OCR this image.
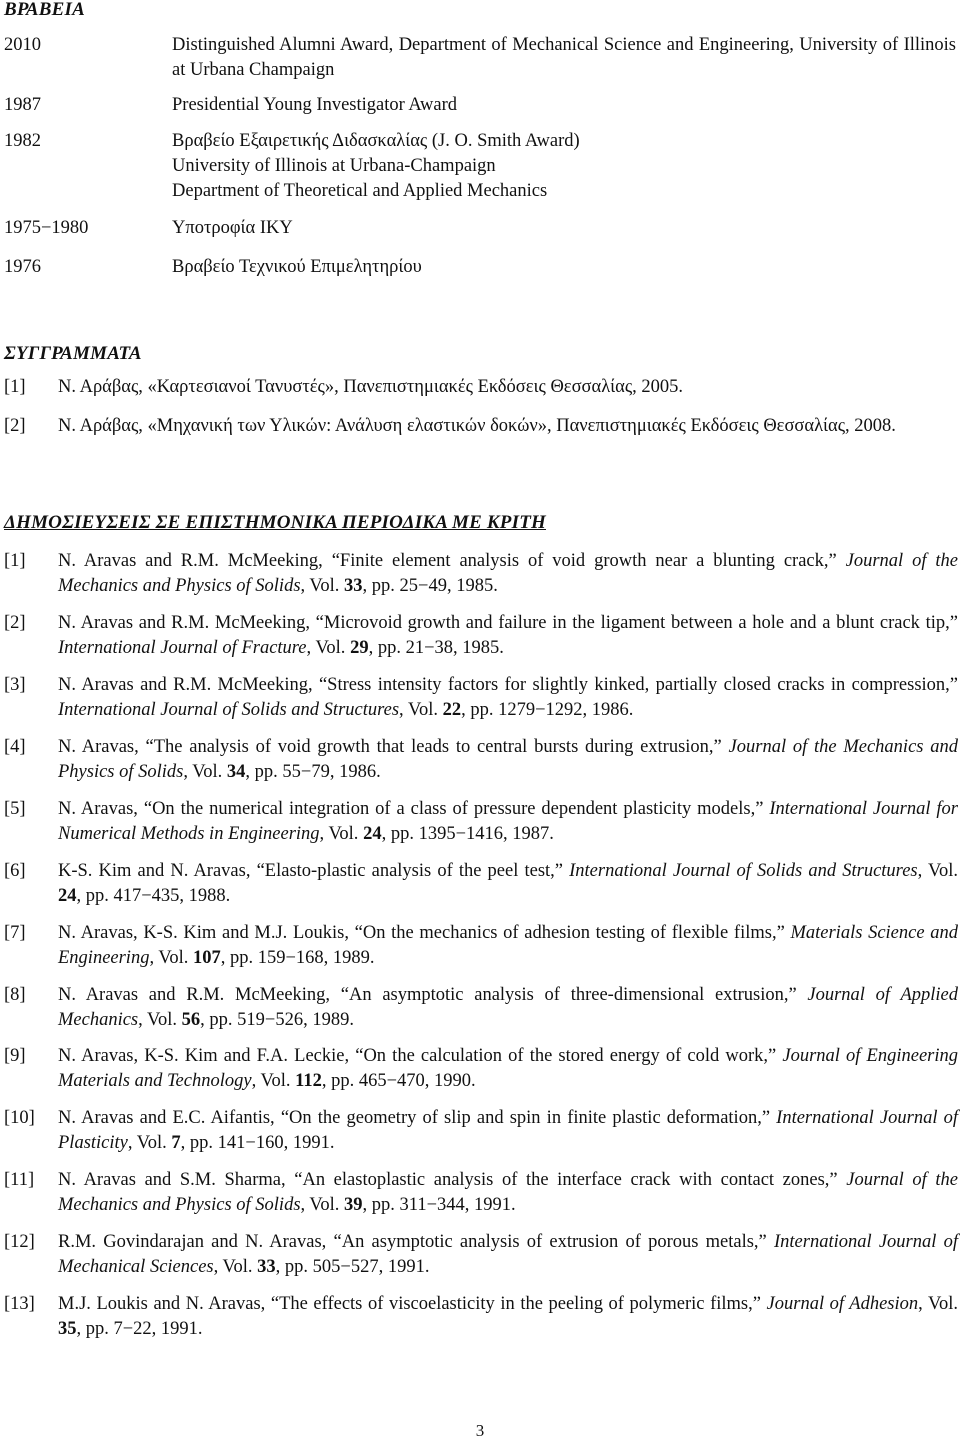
ΒΡΑΒΕΙΑ
2010	Distinguished Alumni Award, Department of Mechanical Science and Engineering, University of Illinois at Urbana Champaign
1987	Presidential Young Investigator Award
1982	Βραβείο Εξαιρετικής Διδασκαλίας (J. O. Smith Award)
University of Illinois at Urbana-Champaign
Department of Theoretical and Applied Mechanics
1975−1980	Υποτροφία ΙΚΥ
1976	Βραβείο Τεχνικού Επιμελητηρίου
ΣΥΓΓΡΑΜΜΑΤΑ
[1]	Ν. Αράβας, «Καρτεσιανοί Τανυστές», Πανεπιστημιακές Εκδόσεις Θεσσαλίας, 2005.
[2]	Ν. Αράβας, «Μηχανική των Υλικών: Ανάλυση ελαστικών δοκών», Πανεπιστημιακές Εκδόσεις Θεσσαλίας, 2008.
ΔΗΜΟΣΙΕΥΣΕΙΣ ΣΕ ΕΠΙΣΤΗΜΟΝΙΚΑ ΠΕΡΙΟΔΙΚΑ ΜΕ ΚΡΙΤΗ
[1]	N. Aravas and R.M. McMeeking, “Finite element analysis of void growth near a blunting crack,” Journal of the Mechanics and Physics of Solids, Vol. 33, pp. 25−49, 1985.
[2]	N. Aravas and R.M. McMeeking, “Microvoid growth and failure in the ligament between a hole and a blunt crack tip,” International Journal of Fracture, Vol. 29, pp. 21−38, 1985.
[3]	N. Aravas and R.M. McMeeking, “Stress intensity factors for slightly kinked, partially closed cracks in compression,” International Journal of Solids and Structures, Vol. 22, pp. 1279−1292, 1986.
[4]	N. Aravas, “The analysis of void growth that leads to central bursts during extrusion,” Journal of the Mechanics and Physics of Solids, Vol. 34, pp. 55−79, 1986.
[5]	N. Aravas, “On the numerical integration of a class of pressure dependent plasticity models,” International Journal for Numerical Methods in Engineering, Vol. 24, pp. 1395−1416, 1987.
[6]	K-S. Kim and N. Aravas, “Elasto-plastic analysis of the peel test,” International Journal of Solids and Structures, Vol. 24, pp. 417−435, 1988.
[7]	N. Aravas, K-S. Kim and M.J. Loukis, “On the mechanics of adhesion testing of flexible films,” Materials Science and Engineering, Vol. 107, pp. 159−168, 1989.
[8]	N. Aravas and R.M. McMeeking, “An asymptotic analysis of three-dimensional extrusion,” Journal of Applied Mechanics, Vol. 56, pp. 519−526, 1989.
[9]	N. Aravas, K-S. Kim and F.A. Leckie, “On the calculation of the stored energy of cold work,” Journal of Engineering Materials and Technology, Vol. 112, pp. 465−470, 1990.
[10]	N. Aravas and E.C. Aifantis, “On the geometry of slip and spin in finite plastic deformation,” International Journal of Plasticity, Vol. 7, pp. 141−160, 1991.
[11]	N. Aravas and S.M. Sharma, “An elastoplastic analysis of the interface crack with contact zones,” Journal of the Mechanics and Physics of Solids, Vol. 39, pp. 311−344, 1991.
[12]	R.M. Govindarajan and N. Aravas, “An asymptotic analysis of extrusion of porous metals,” International Journal of Mechanical Sciences, Vol. 33, pp. 505−527, 1991.
[13]	M.J. Loukis and N. Aravas, “The effects of viscoelasticity in the peeling of polymeric films,” Journal of Adhesion, Vol. 35, pp. 7−22, 1991.
3
